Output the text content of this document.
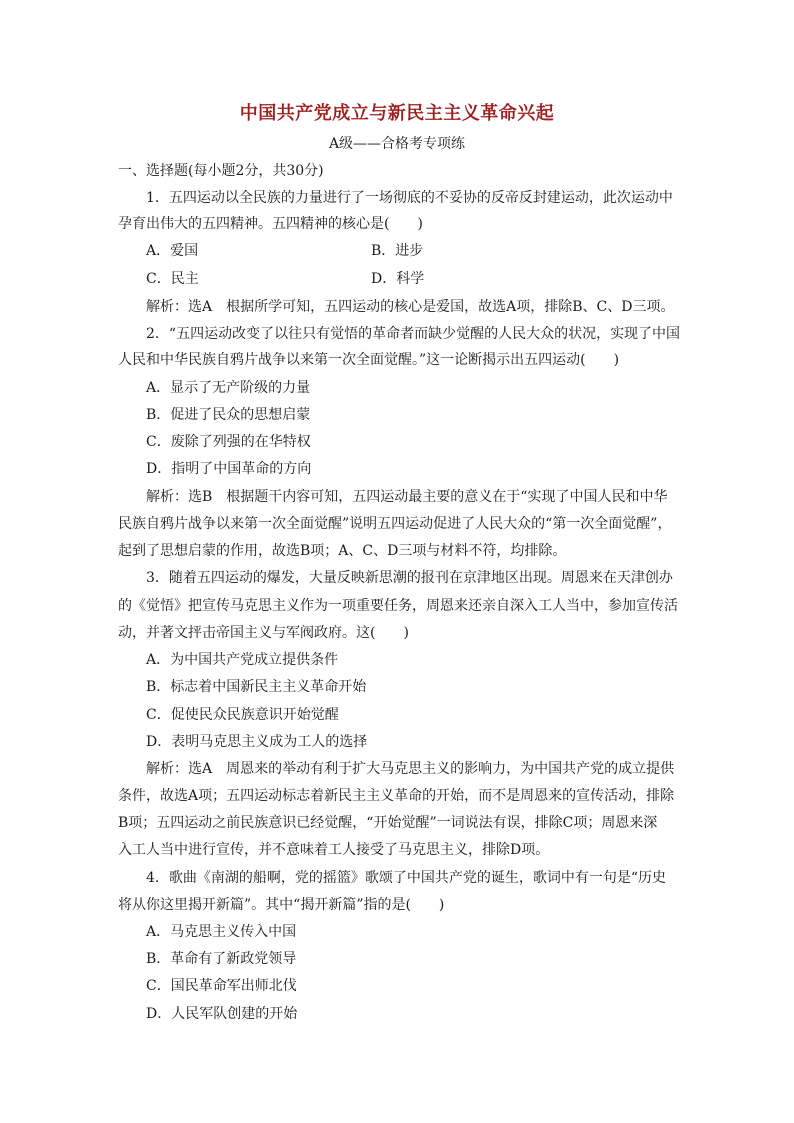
中国共产党成立与新民主主义革命兴起
A级——合格考专项练
一、选择题(每小题2分，共30分)
1．五四运动以全民族的力量进行了一场彻底的不妥协的反帝反封建运动，此次运动中
孕育出伟大的五四精神。五四精神的核心是(　　)
A．爱国	B．进步
C．民主	D．科学
解析：选A　根据所学可知，五四运动的核心是爱国，故选A项，排除B、C、D三项。
2．“五四运动改变了以往只有觉悟的革命者而缺少觉醒的人民大众的状况，实现了中国
人民和中华民族自鸦片战争以来第一次全面觉醒。”这一论断揭示出五四运动(　　)
A．显示了无产阶级的力量
B．促进了民众的思想启蒙
C．废除了列强的在华特权
D．指明了中国革命的方向
解析：选B　根据题干内容可知，五四运动最主要的意义在于“实现了中国人民和中华
民族自鸦片战争以来第一次全面觉醒”说明五四运动促进了人民大众的“第一次全面觉醒”，
起到了思想启蒙的作用，故选B项；A、C、D三项与材料不符，均排除。
3．随着五四运动的爆发，大量反映新思潮的报刊在京津地区出现。周恩来在天津创办
的《觉悟》把宣传马克思主义作为一项重要任务，周恩来还亲自深入工人当中，参加宣传活
动，并著文抨击帝国主义与军阀政府。这(　　)
A．为中国共产党成立提供条件
B．标志着中国新民主主义革命开始
C．促使民众民族意识开始觉醒
D．表明马克思主义成为工人的选择
解析：选A　周恩来的举动有利于扩大马克思主义的影响力，为中国共产党的成立提供
条件，故选A项；五四运动标志着新民主主义革命的开始，而不是周恩来的宣传活动，排除
B项；五四运动之前民族意识已经觉醒，“开始觉醒”一词说法有误，排除C项；周恩来深
入工人当中进行宣传，并不意味着工人接受了马克思主义，排除D项。
4．歌曲《南湖的船啊，党的摇篮》歌颂了中国共产党的诞生，歌词中有一句是“历史
将从你这里揭开新篇”。其中“揭开新篇”指的是(　　)
A．马克思主义传入中国
B．革命有了新政党领导
C．国民革命军出师北伐
D．人民军队创建的开始
